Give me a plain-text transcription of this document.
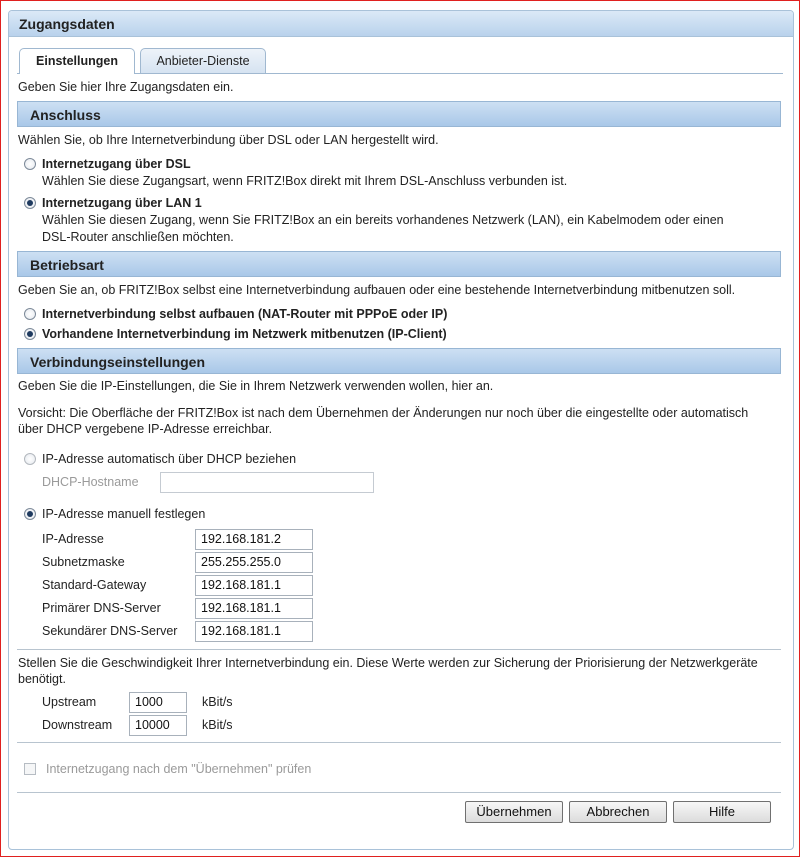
Zugangsdaten
Einstellungen	Anbieter-Dienste
Geben Sie hier Ihre Zugangsdaten ein.
Anschluss
Wählen Sie, ob Ihre Internetverbindung über DSL oder LAN hergestellt wird.
Internetzugang über DSL
Wählen Sie diese Zugangsart, wenn FRITZ!Box direkt mit Ihrem DSL-Anschluss verbunden ist.
Internetzugang über LAN 1
Wählen Sie diesen Zugang, wenn Sie FRITZ!Box an ein bereits vorhandenes Netzwerk (LAN), ein Kabelmodem oder einen
DSL-Router anschließen möchten.
Betriebsart
Geben Sie an, ob FRITZ!Box selbst eine Internetverbindung aufbauen oder eine bestehende Internetverbindung mitbenutzen soll.
Internetverbindung selbst aufbauen (NAT-Router mit PPPoE oder IP)
Vorhandene Internetverbindung im Netzwerk mitbenutzen (IP-Client)
Verbindungseinstellungen
Geben Sie die IP-Einstellungen, die Sie in Ihrem Netzwerk verwenden wollen, hier an.
Vorsicht: Die Oberfläche der FRITZ!Box ist nach dem Übernehmen der Änderungen nur noch über die eingestellte oder automatisch
über DHCP vergebene IP-Adresse erreichbar.
IP-Adresse automatisch über DHCP beziehen
DHCP-Hostname
IP-Adresse manuell festlegen
IP-Adresse	192.168.181.2
Subnetzmaske	255.255.255.0
Standard-Gateway	192.168.181.1
Primärer DNS-Server	192.168.181.1
Sekundärer DNS-Server	192.168.181.1
Stellen Sie die Geschwindigkeit Ihrer Internetverbindung ein. Diese Werte werden zur Sicherung der Priorisierung der Netzwerkgeräte
benötigt.
Upstream	1000	kBit/s
Downstream	10000	kBit/s
Internetzugang nach dem "Übernehmen" prüfen
Übernehmen	Abbrechen	Hilfe
